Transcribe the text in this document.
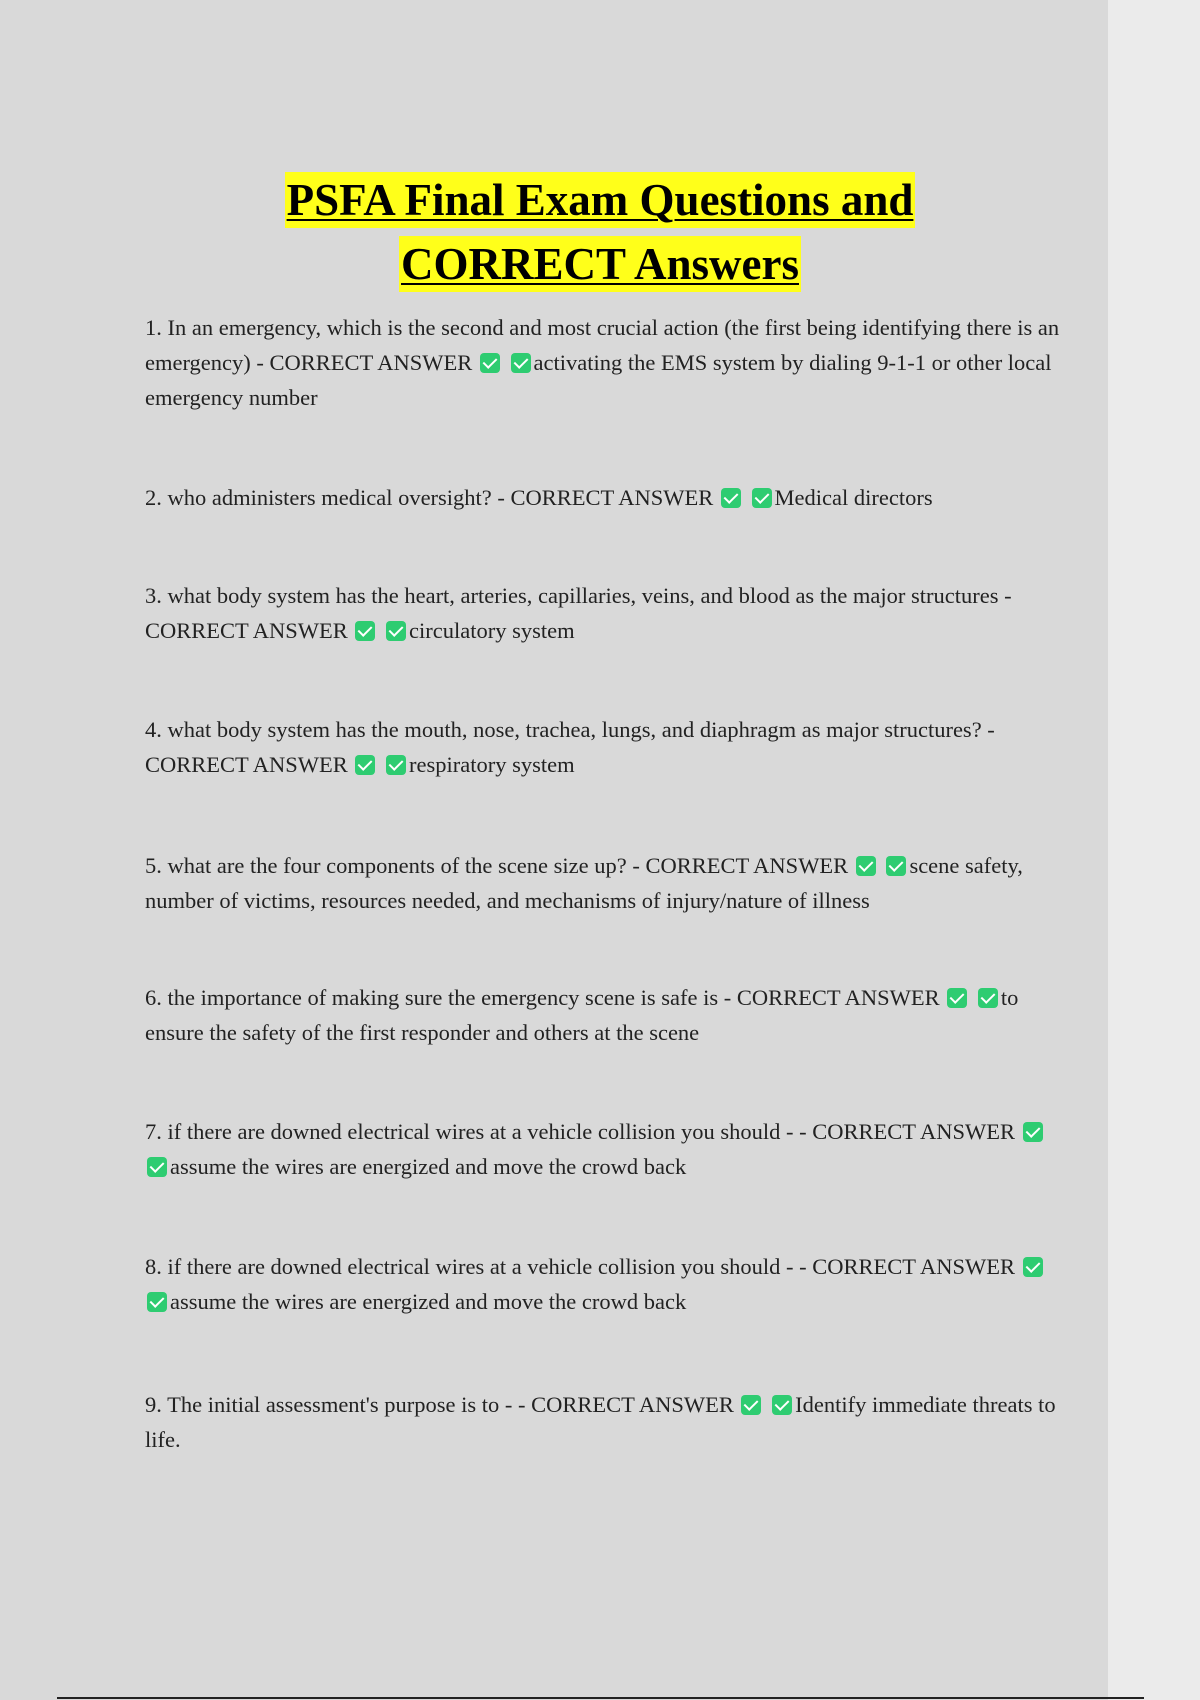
PSFA Final Exam Questions and
CORRECT Answers
1. In an emergency, which is the second and most crucial action (the first being identifying there is an emergency) - CORRECT ANSWER	activating the EMS system by dialing 9-1-1 or other local emergency number
2. who administers medical oversight? - CORRECT ANSWER	Medical directors
3. what body system has the heart, arteries, capillaries, veins, and blood as the major structures - CORRECT ANSWER	circulatory system
4. what body system has the mouth, nose, trachea, lungs, and diaphragm as major structures? - CORRECT ANSWER	respiratory system
5. what are the four components of the scene size up? - CORRECT ANSWER	scene safety, number of victims, resources needed, and mechanisms of injury/nature of illness
6. the importance of making sure the emergency scene is safe is - CORRECT ANSWER	to ensure the safety of the first responder and others at the scene
7. if there are downed electrical wires at a vehicle collision you should - - CORRECT ANSWER  assume the wires are energized and move the crowd back
8. if there are downed electrical wires at a vehicle collision you should - - CORRECT ANSWER  assume the wires are energized and move the crowd back
9. The initial assessment's purpose is to - - CORRECT ANSWER	Identify immediate threats to life.
